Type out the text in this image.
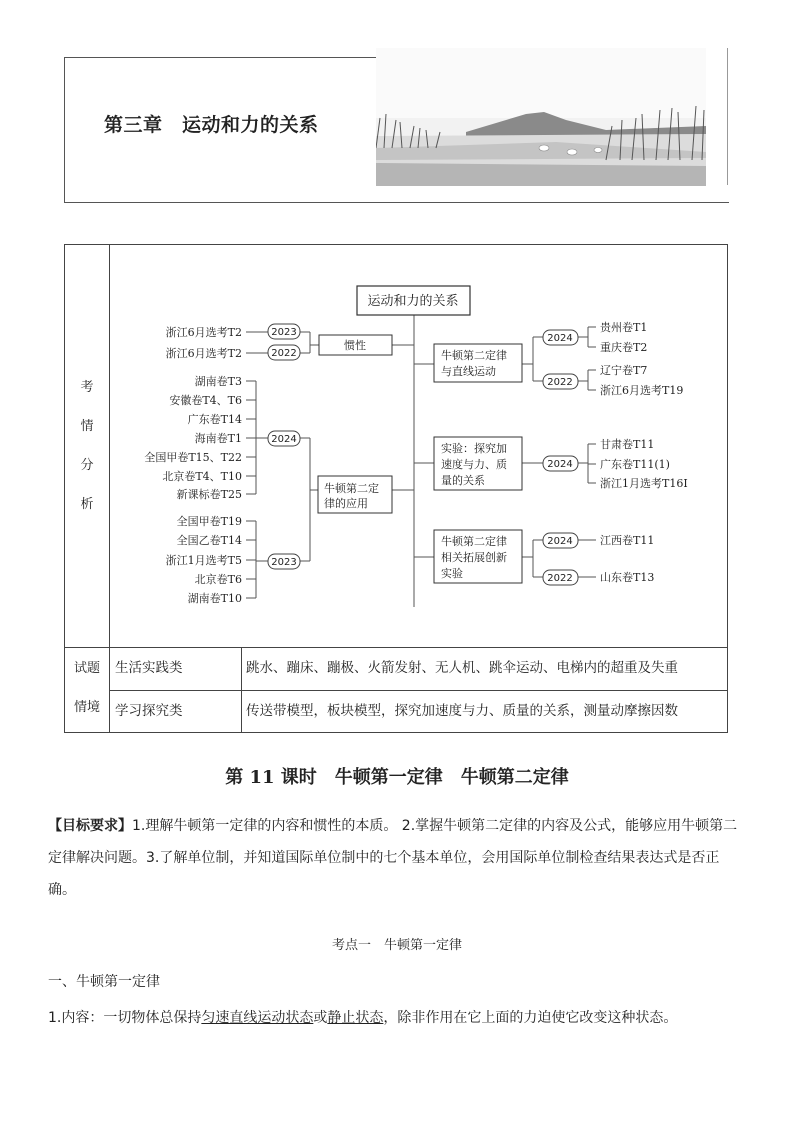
第三章　运动和力的关系
考
情
分
析
试题
情境
生活实践类	跳水、蹦床、蹦极、火箭发射、无人机、跳伞运动、电梯内的超重及失重
学习探究类	传送带模型，板块模型，探究加速度与力、质量的关系，测量动摩擦因数
运动和力的关系
惯性
牛顿第二定
律的应用
牛顿第二定律
与直线运动
实验：探究加
速度与力、质
量的关系
牛顿第二定律
相关拓展创新
实验
2023
2022
2024
2023
2024
2022
2024
2024
2022
浙江6月选考T2
浙江6月选考T2
湖南卷T3
安徽卷T4、T6
广东卷T14
海南卷T1
全国甲卷T15、T22
北京卷T4、T10
新课标卷T25
全国甲卷T19
全国乙卷T14
浙江1月选考T5
北京卷T6
湖南卷T10
贵州卷T1
重庆卷T2
辽宁卷T7
浙江6月选考T19
甘肃卷T11
广东卷T11(1)
浙江1月选考T16Ⅰ
江西卷T11
山东卷T13
第 11 课时　牛顿第一定律　牛顿第二定律
【目标要求】1.理解牛顿第一定律的内容和惯性的本质。 2.掌握牛顿第二定律的内容及公式，能够应用牛顿第二
定律解决问题。3.了解单位制，并知道国际单位制中的七个基本单位，会用国际单位制检查结果表达式是否正
确。
考点一　牛顿第一定律
一、牛顿第一定律
1.内容：一切物体总保持匀速直线运动状态或静止状态，除非作用在它上面的力迫使它改变这种状态。
